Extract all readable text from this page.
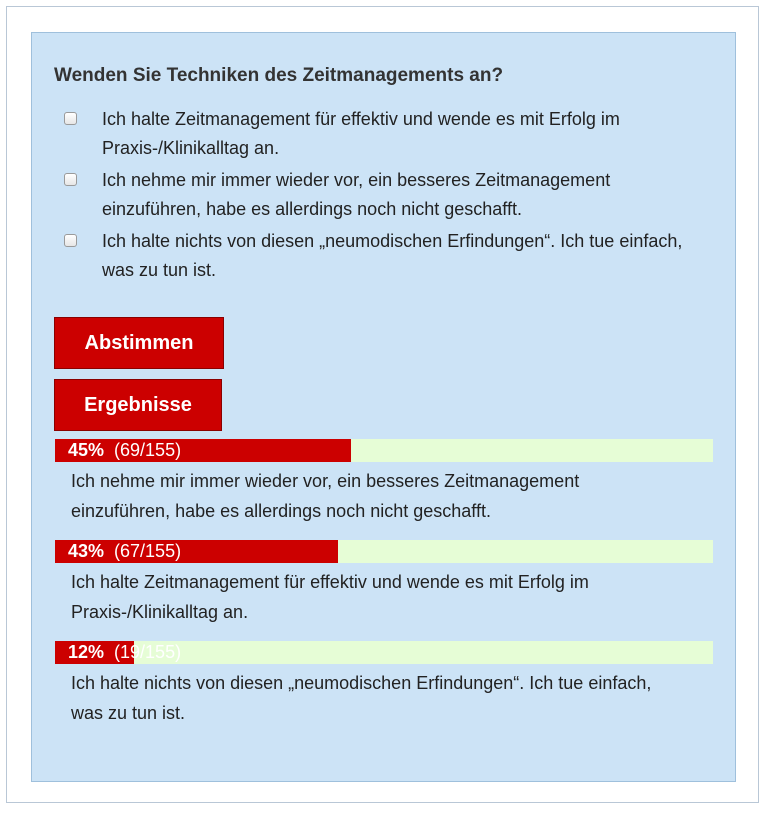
Wenden Sie Techniken des Zeitmanagements an?
Ich halte Zeitmanagement für effektiv und wende es mit Erfolg im Praxis-/Klinikalltag an.
Ich nehme mir immer wieder vor, ein besseres Zeitmanagement einzuführen, habe es allerdings noch nicht geschafft.
Ich halte nichts von diesen „neumodischen Erfindungen“. Ich tue einfach, was zu tun ist.
Abstimmen
Ergebnisse
45% (69/155)
Ich nehme mir immer wieder vor, ein besseres Zeitmanagement einzuführen, habe es allerdings noch nicht geschafft.
43% (67/155)
Ich halte Zeitmanagement für effektiv und wende es mit Erfolg im Praxis-/Klinikalltag an.
12% (19/155)
Ich halte nichts von diesen „neumodischen Erfindungen“. Ich tue einfach, was zu tun ist.
